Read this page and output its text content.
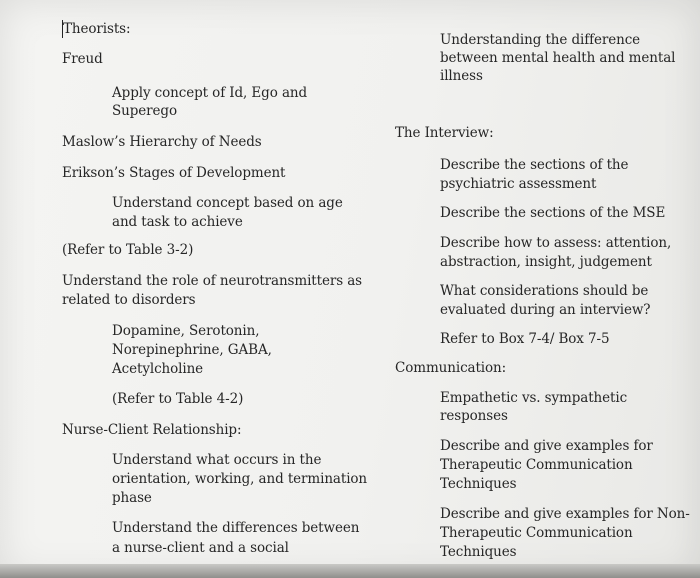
Theorists:
Freud
Apply concept of Id, Ego and
Superego
Maslow’s Hierarchy of Needs
Erikson’s Stages of Development
Understand concept based on age
and task to achieve
(Refer to Table 3-2)
Understand the role of neurotransmitters as
related to disorders
Dopamine, Serotonin,
Norepinephrine, GABA,
Acetylcholine
(Refer to Table 4-2)
Nurse-Client Relationship:
Understand what occurs in the
orientation, working, and termination
phase
Understand the differences between
a nurse-client and a social
Understanding the difference
between mental health and mental
illness
The Interview:
Describe the sections of the
psychiatric assessment
Describe the sections of the MSE
Describe how to assess: attention,
abstraction, insight, judgement
What considerations should be
evaluated during an interview?
Refer to Box 7-4/ Box 7-5
Communication:
Empathetic vs. sympathetic
responses
Describe and give examples for
Therapeutic Communication
Techniques
Describe and give examples for Non-
Therapeutic Communication
Techniques
